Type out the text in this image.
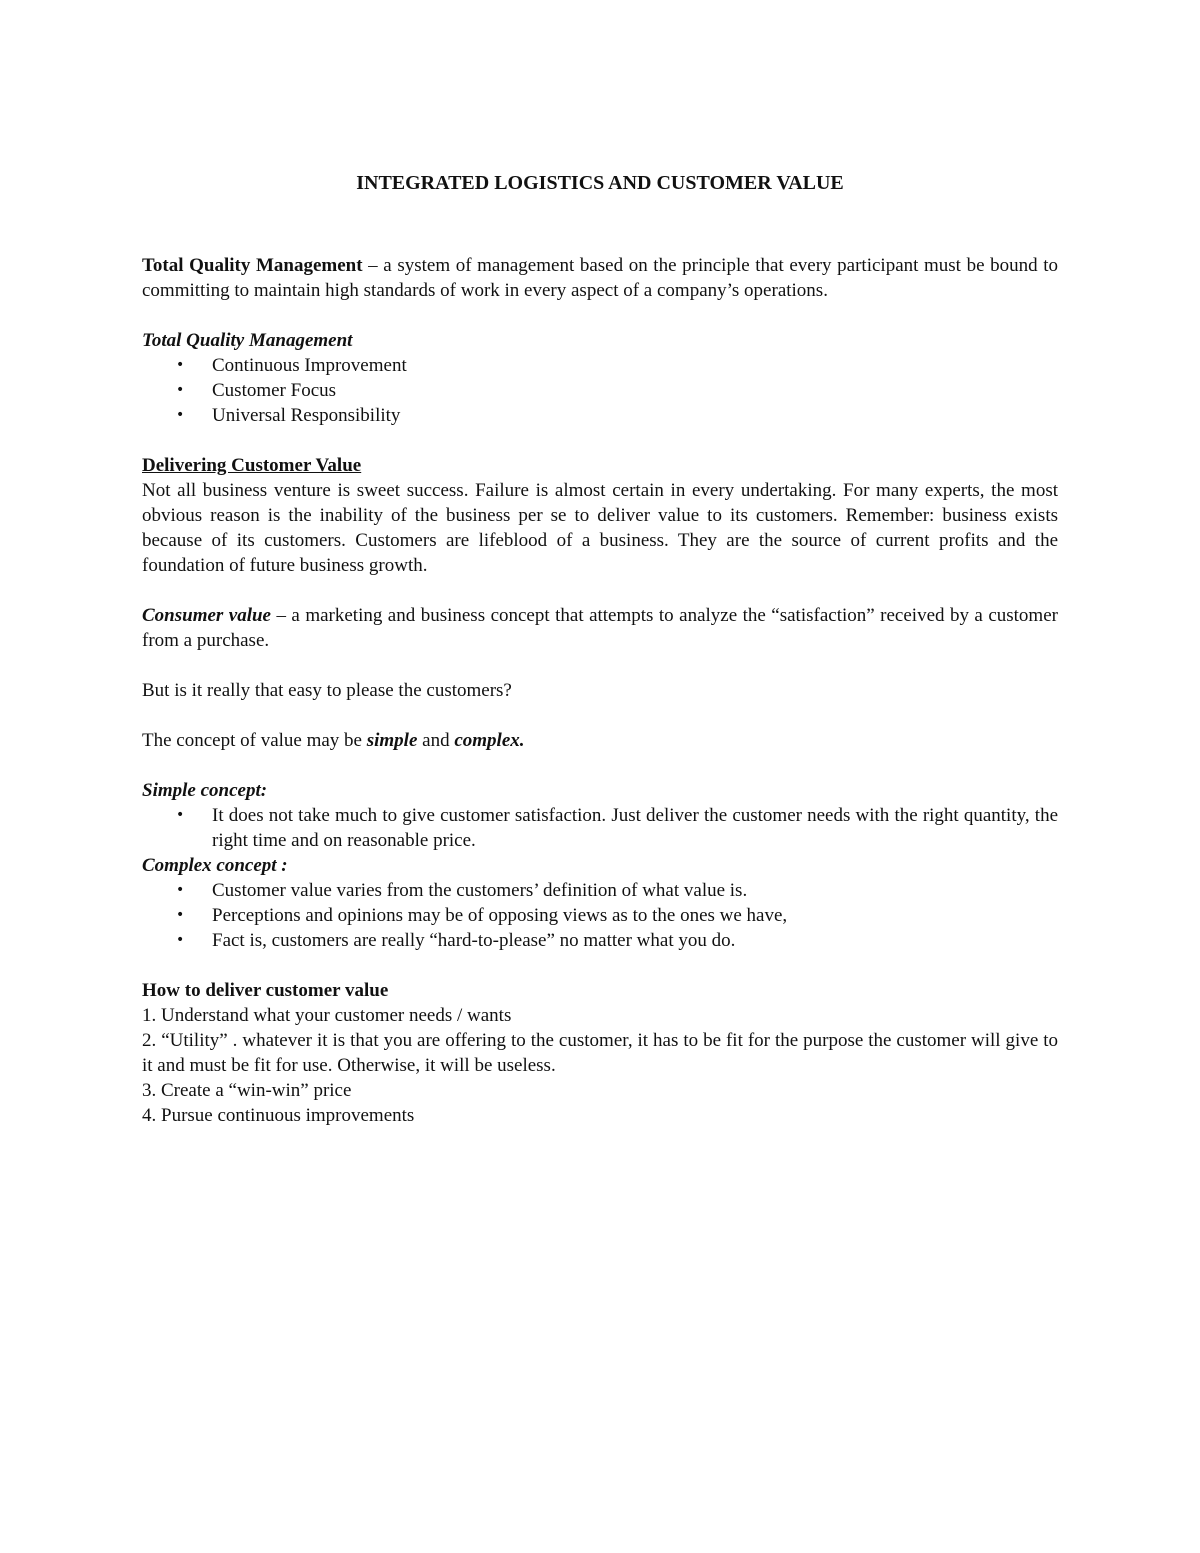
INTEGRATED LOGISTICS AND CUSTOMER VALUE

Total Quality Management – a system of management based on the principle that every participant must be bound to committing to maintain high standards of work in every aspect of a company’s operations.

Total Quality Management

• Continuous Improvement
• Customer Focus
• Universal Responsibility

Delivering Customer Value

Not all business venture is sweet success. Failure is almost certain in every undertaking. For many experts, the most obvious reason is the inability of the business per se to deliver value to its customers. Remember: business exists because of its customers. Customers are lifeblood of a business. They are the source of current profits and the foundation of future business growth.

Consumer value – a marketing and business concept that attempts to analyze the “satisfaction” received by a customer from a purchase.

But is it really that easy to please the customers?

The concept of value may be simple and complex.

Simple concept:

• It does not take much to give customer satisfaction. Just deliver the customer needs with the right quantity, the right time and on reasonable price.

Complex concept :

• Customer value varies from the customers’ definition of what value is.
• Perceptions and opinions may be of opposing views as to the ones we have,
• Fact is, customers are really “hard-to-please” no matter what you do.

How to deliver customer value

1. Understand what your customer needs / wants

2. “Utility” . whatever it is that you are offering to the customer, it has to be fit for the purpose the customer will give to it and must be fit for use. Otherwise, it will be useless.

3. Create a “win-win” price

4. Pursue continuous improvements
